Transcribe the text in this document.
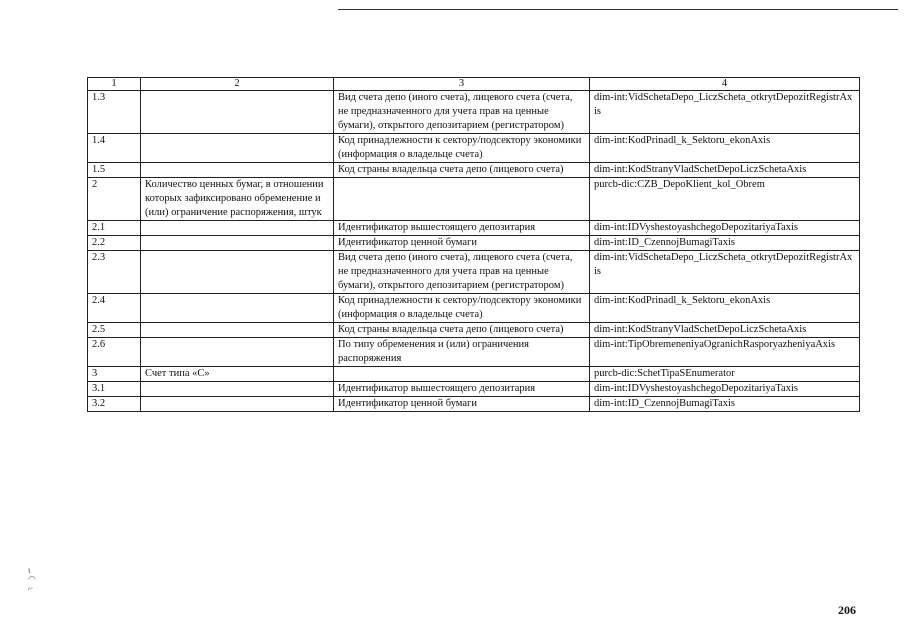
1	2	3	4
1.3		Вид счета депо (иного счета), лицевого счета (счета, не предназначенного для учета прав на ценные бумаги), открытого депозитарием (регистратором)	dim-int:VidSchetaDepo_LiczScheta_otkrytDepozitRegistrAxis
1.4		Код принадлежности к сектору/подсектору экономики (информация о владельце счета)	dim-int:KodPrinadl_k_Sektoru_ekonAxis
1.5		Код страны владельца счета депо (лицевого счета)	dim-int:KodStranyVladSchetDepoLiczSchetaAxis
2	Количество ценных бумаг, в отношении которых зафиксировано обременение и (или) ограничение распоряжения, штук		purcb-dic:CZB_DepoKlient_kol_Obrem
2.1		Идентификатор вышестоящего депозитария	dim-int:IDVyshestoyashchegoDepozitariyaTaxis
2.2		Идентификатор ценной бумаги	dim-int:ID_CzennojBumagiTaxis
2.3		Вид счета депо (иного счета), лицевого счета (счета, не предназначенного для учета прав на ценные бумаги), открытого депозитарием (регистратором)	dim-int:VidSchetaDepo_LiczScheta_otkrytDepozitRegistrAxis
2.4		Код принадлежности к сектору/подсектору экономики (информация о владельце счета)	dim-int:KodPrinadl_k_Sektoru_ekonAxis
2.5		Код страны владельца счета депо (лицевого счета)	dim-int:KodStranyVladSchetDepoLiczSchetaAxis
2.6		По типу обременения и (или) ограничения распоряжения	dim-int:TipObremeneniyaOgranichRasporyazheniyaAxis
3	Счет типа «С»		purcb-dic:SchetTipaSEnumerator
3.1		Идентификатор вышестоящего депозитария	dim-int:IDVyshestoyashchegoDepozitariyaTaxis
3.2		Идентификатор ценной бумаги	dim-int:ID_CzennojBumagiTaxis
ι
◠
⌐
206
